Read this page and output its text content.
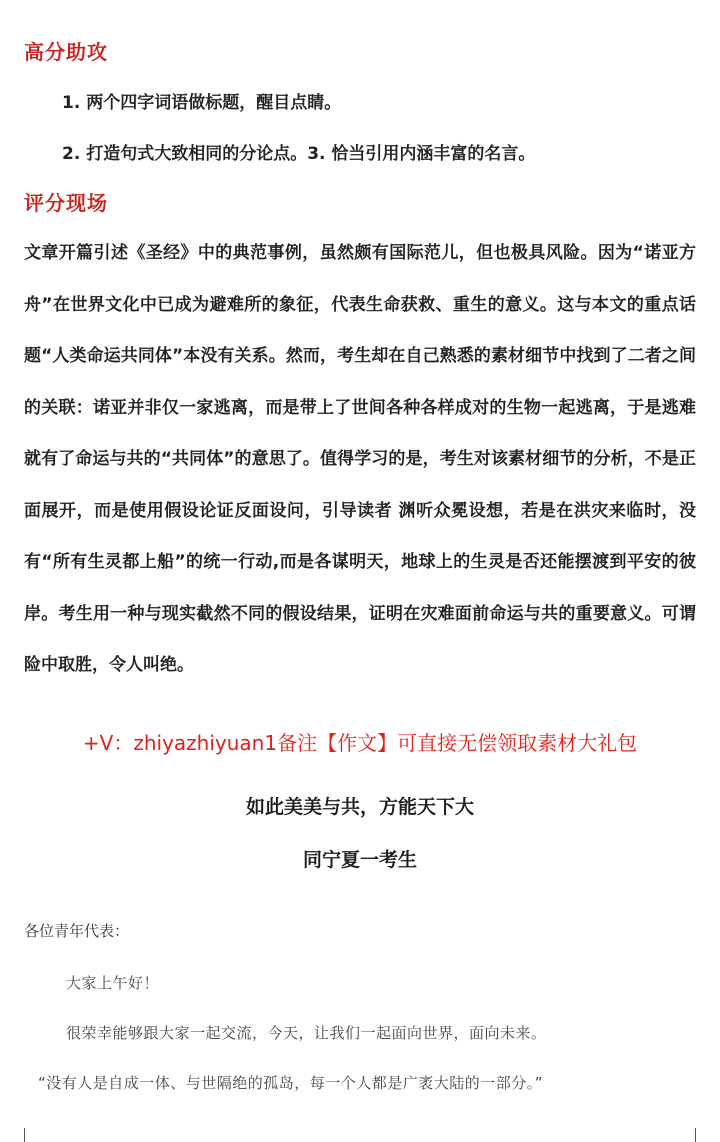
高分助攻
1. 两个四字词语做标题，醒目点睛。
2. 打造句式大致相同的分论点。3. 恰当引用内涵丰富的名言。
评分现场
文章开篇引述《圣经》中的典范事例，虽然颇有国际范儿，但也极具风险。因为“诺亚方舟”在世界文化中已成为避难所的象征，代表生命获救、重生的意义。这与本文的重点话题“人类命运共同体”本没有关系。然而，考生却在自己熟悉的素材细节中找到了二者之间的关联：诺亚并非仅一家逃离，而是带上了世间各种各样成对的生物一起逃离，于是逃难就有了命运与共的“共同体”的意思了。值得学习的是，考生对该素材细节的分析，不是正面展开，而是使用假设论证反面设问，引导读者 渊听众冕设想，若是在洪灾来临时，没有“所有生灵都上船”的统一行动,而是各谋明天，地球上的生灵是否还能摆渡到平安的彼岸。考生用一种与现实截然不同的假设结果，证明在灾难面前命运与共的重要意义。可谓险中取胜，令人叫绝。
+V：zhiyazhiyuan1备注【作文】可直接无偿领取素材大礼包
如此美美与共，方能天下大
同宁夏一考生
各位青年代表：
大家上午好！
很荣幸能够跟大家一起交流，今天，让我们一起面向世界，面向未来。
“没有人是自成一体、与世隔绝的孤岛，每一个人都是广袤大陆的一部分。”
